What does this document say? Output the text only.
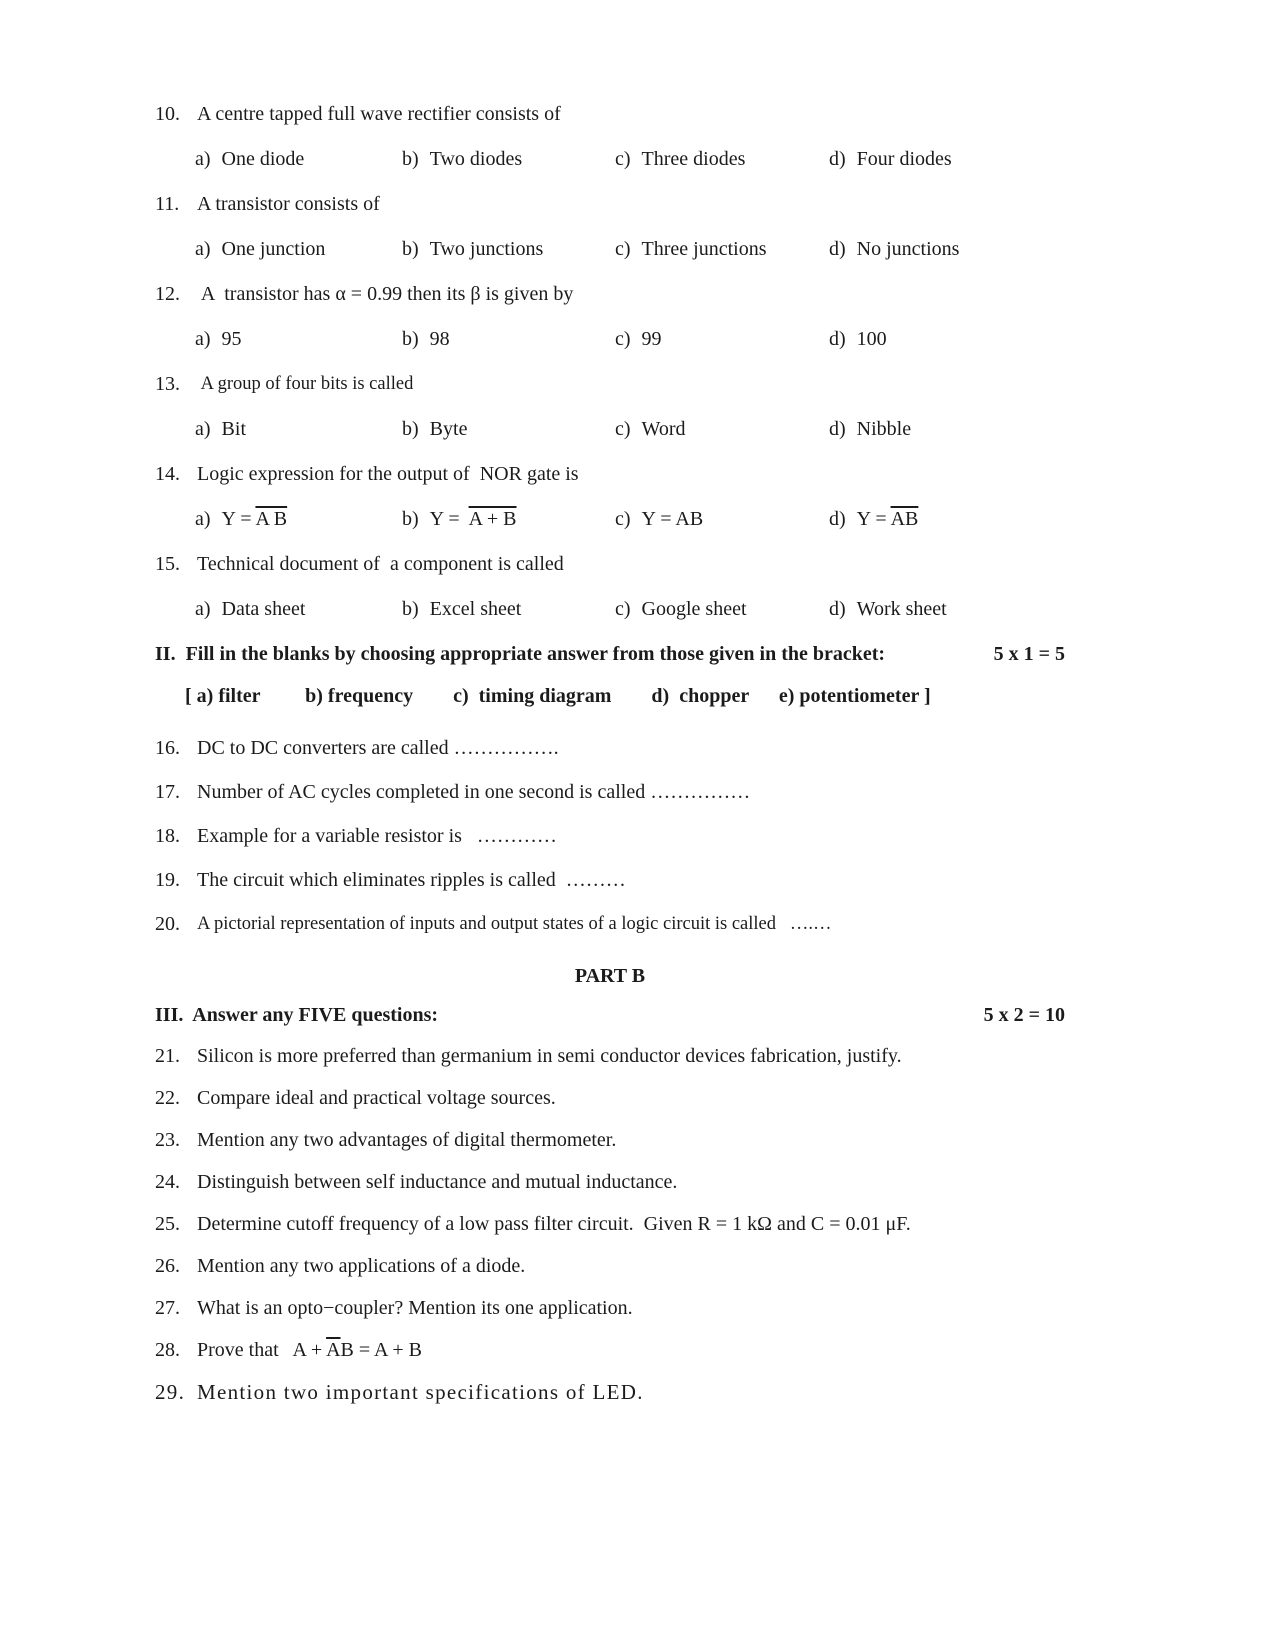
10. A centre tapped full wave rectifier consists of
a) One diode	b) Two diodes	c) Three diodes	d) Four diodes
11. A transistor consists of
a) One junction	b) Two junctions	c) Three junctions	d) No junctions
12. A  transistor has α = 0.99 then its β is given by
a) 95	b) 98	c) 99	d) 100
13. A group of four bits is called
a) Bit	b) Byte	c) Word	d) Nibble
14. Logic expression for the output of  NOR gate is
a) Y = A B	b) Y =  A + B	c) Y = AB	d) $Y = \overline{AB}$
15. Technical document of  a component is called
a) Data sheet	b) Excel sheet	c) Google sheet	d) Work sheet
II.  Fill in the blanks by choosing appropriate answer from those given in the bracket:	5 x 1 = 5
[ a) filter         b) frequency        c)  timing diagram        d)  chopper      e) potentiometer ]
16. DC to DC converters are called …………….
17. Number of AC cycles completed in one second is called ……………
18. Example for a variable resistor is   …………
19. The circuit which eliminates ripples is called  ………
20. A pictorial representation of inputs and output states of a logic circuit is called   ….…
PART B
III.  Answer any FIVE questions:	5 x 2 = 10
21. Silicon is more preferred than germanium in semi conductor devices fabrication, justify.
22. Compare ideal and practical voltage sources.
23. Mention any two advantages of digital thermometer.
24. Distinguish between self inductance and mutual inductance.
25. Determine cutoff frequency of a low pass filter circuit.  Given R = 1 kΩ and C = 0.01 μF.
26. Mention any two applications of a diode.
27. What is an opto−coupler? Mention its one application.
28. Prove that   $A + \overline{A}B = A + B$
29. Mention two important specifications of LED.
